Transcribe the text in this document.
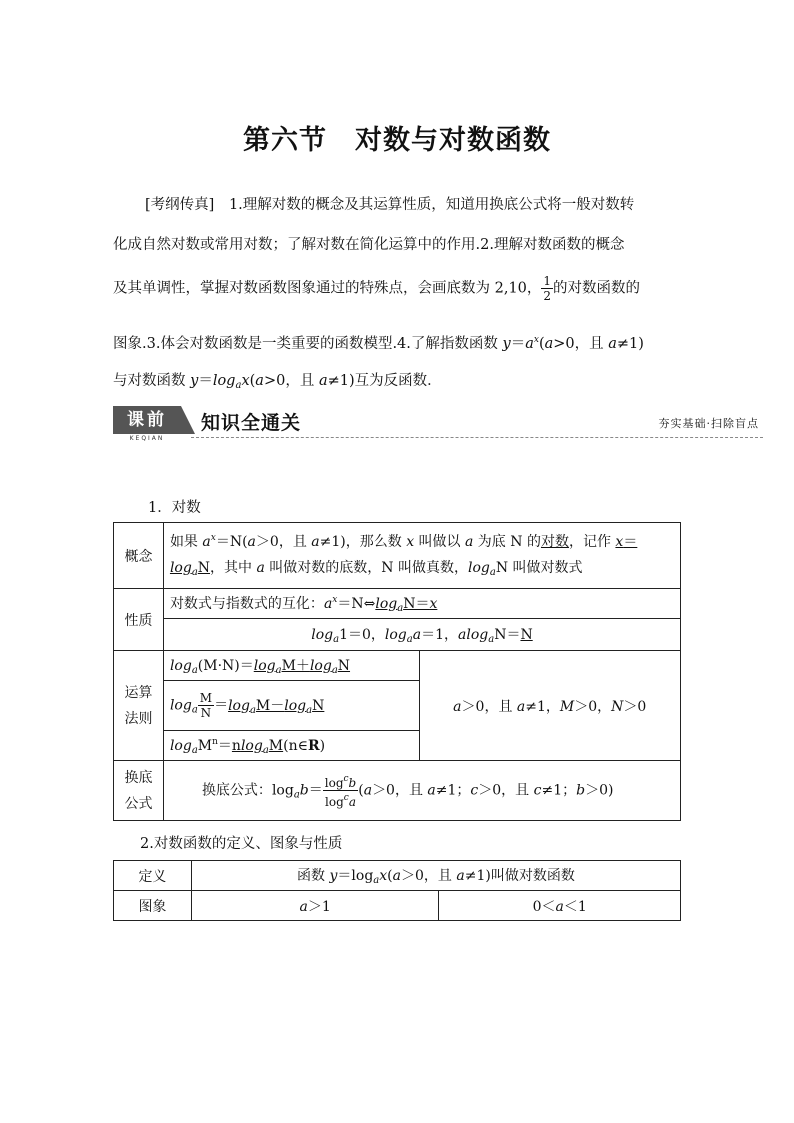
第六节　对数与对数函数
[考纲传真] 1.理解对数的概念及其运算性质，知道用换底公式将一般对数转
化成自然对数或常用对数；了解对数在简化运算中的作用.2.理解对数函数的概念
及其单调性，掌握对数函数图象通过的特殊点，会画底数为 2,10， $\frac{1}{2}$ 的对数函数的
图象.3.体会对数函数是一类重要的函数模型.4.了解指数函数 $y=a^x(a>0$，且 a≠1)
与对数函数 $y=\log_ax(a>0$，且 a≠1)互为反函数．
课前
KEQIAN
知识全通关	夯实基础·扫除盲点
1．对数
概念	如果 $a^x=N(a>0$，且 a≠1)，那么数 x 叫做以 a 为底 N 的对数，记作 x＝
$\log_aN$，其中 a 叫做对数的底数，N 叫做真数，$\log_aN$ 叫做对数式	
性质	对数式与指数式的互化：$a^x=N\Leftrightarrow\log_aN=x$	
	$\log_a1=0$，$\log_aa=1$，alog$_a$N＝N	
运算
法则	$\log_a(M\cdot N)=\log_aM+\log_aN$	a＞0，且 a≠1，M＞0，N＞0
	$\log_a \frac{M}{N} =\log_aM-\log_aN$	
	$\log_aM^n=nlog_aM(n\in R)$	
换底
公式	换底公式：$\log_ab= \frac{\log^cb}{\log^ca} (a>0$，且 a≠1；c＞0，且 c≠1；b＞0)	
2.对数函数的定义、图象与性质
定义	函数 $y=\log_ax(a>0$，且 a≠1)叫做对数函数	
图象	a＞1	0＜a＜1
